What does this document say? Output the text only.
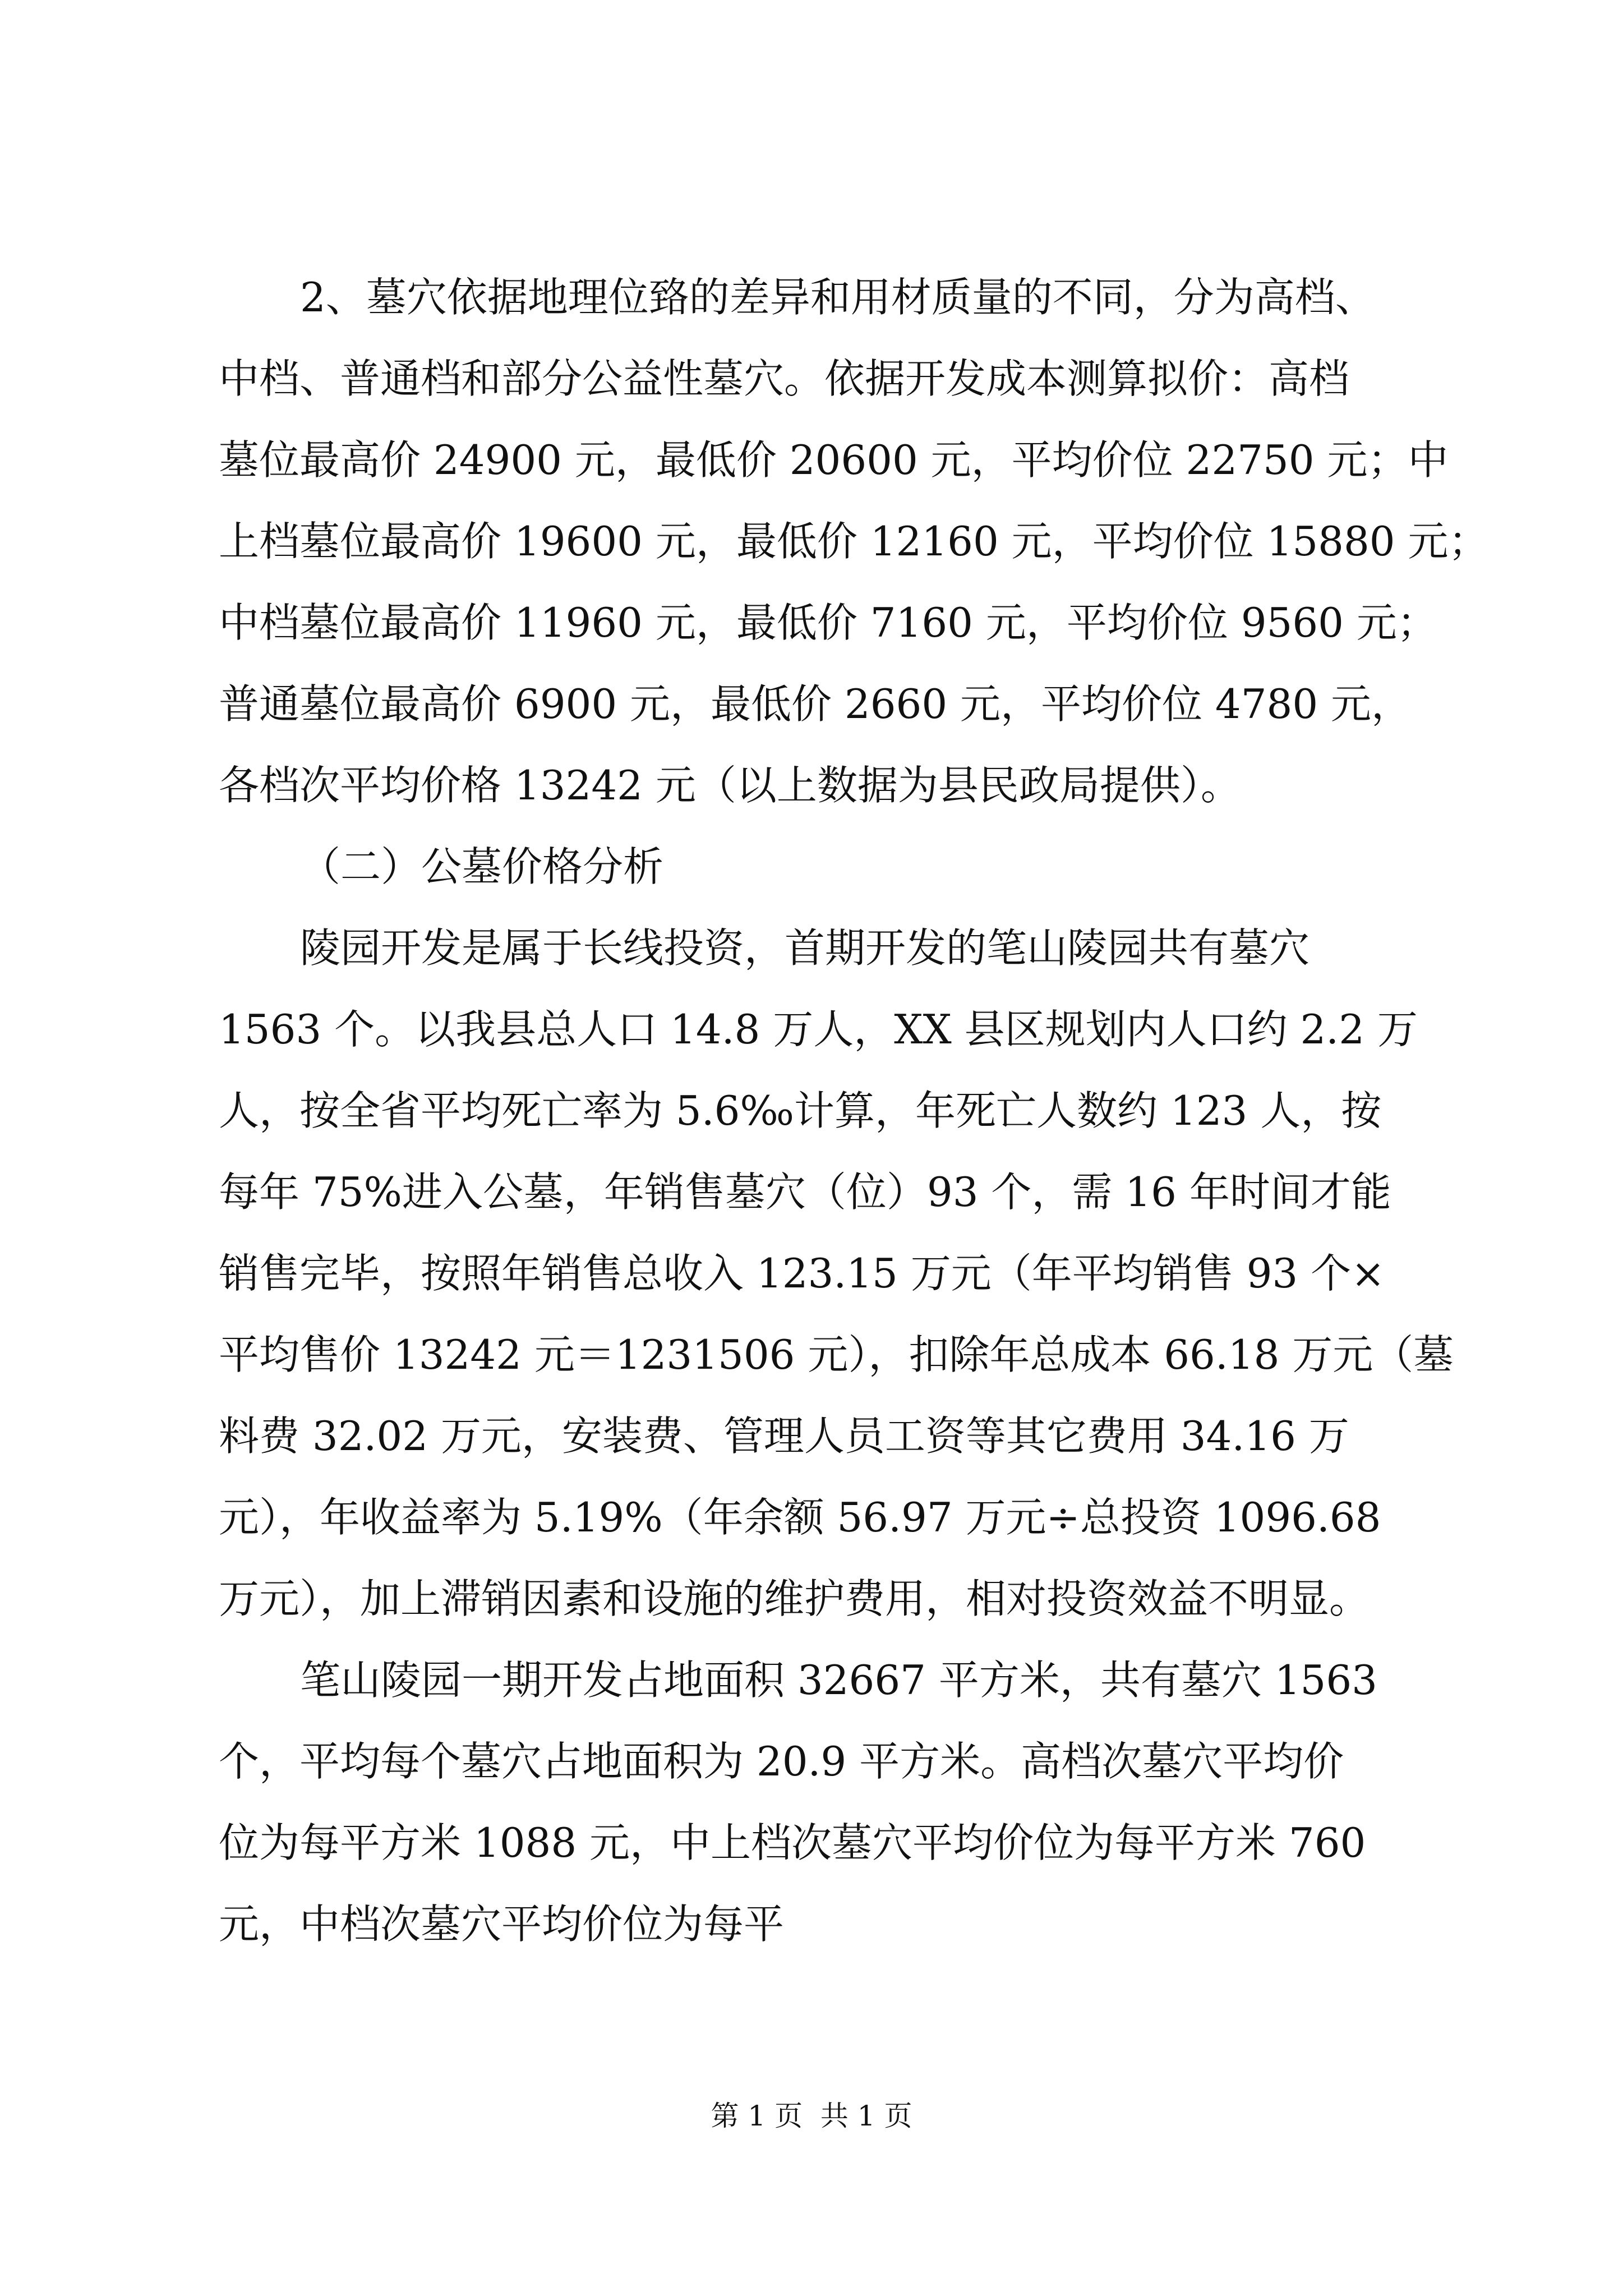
2、墓穴依据地理位臵的差异和用材质量的不同，分为高档、

中档、普通档和部分公益性墓穴。依据开发成本测算拟价：高档

墓位最高价 24900 元，最低价 20600 元，平均价位 22750 元；中

上档墓位最高价 19600 元，最低价 12160 元，平均价位 15880 元；

中档墓位最高价 11960 元，最低价 7160 元，平均价位 9560 元；

普通墓位最高价 6900 元，最低价 2660 元，平均价位 4780 元，

各档次平均价格 13242 元（以上数据为县民政局提供）。

（二）公墓价格分析

陵园开发是属于长线投资，首期开发的笔山陵园共有墓穴

1563 个。以我县总人口 14.8 万人，XX 县区规划内人口约 2.2 万

人，按全省平均死亡率为 5.6‰计算，年死亡人数约 123 人，按

每年 75%进入公墓，年销售墓穴（位）93 个，需 16 年时间才能

销售完毕，按照年销售总收入 123.15 万元（年平均销售 93 个×

平均售价 13242 元＝1231506 元），扣除年总成本 66.18 万元（墓

料费 32.02 万元，安装费、管理人员工资等其它费用 34.16 万

元），年收益率为 5.19%（年余额 56.97 万元÷总投资 1096.68

万元），加上滞销因素和设施的维护费用，相对投资效益不明显。

笔山陵园一期开发占地面积 32667 平方米，共有墓穴 1563

个，平均每个墓穴占地面积为 20.9 平方米。高档次墓穴平均价

位为每平方米 1088 元，中上档次墓穴平均价位为每平方米 760

元，中档次墓穴平均价位为每平

第 1 页  共 1 页
